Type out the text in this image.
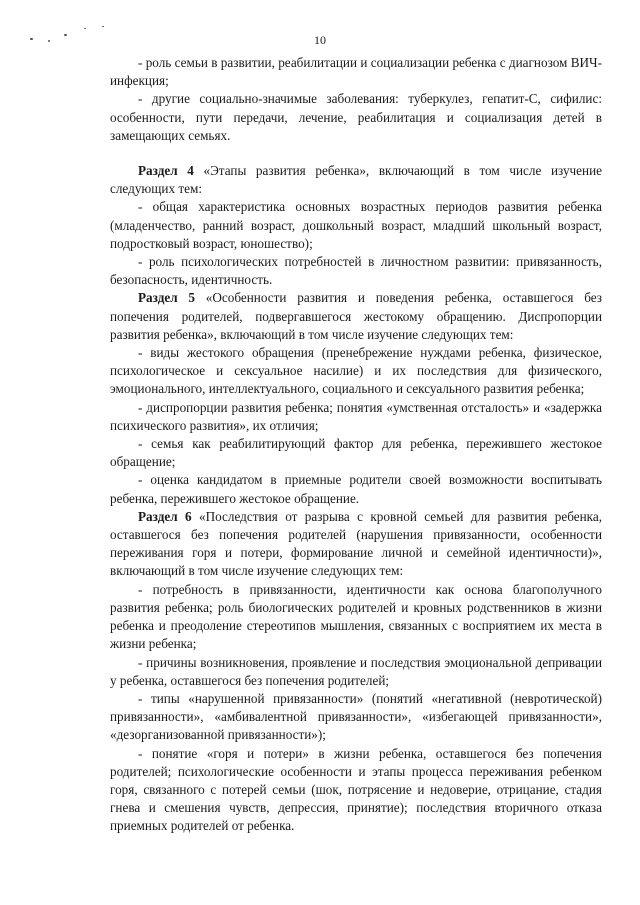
10

- роль семьи в развитии, реабилитации и социализации ребенка с диагнозом ВИЧ-инфекция;

- другие социально-значимые заболевания: туберкулез, гепатит-С, сифилис: особенности, пути передачи, лечение, реабилитация и социализация детей в замещающих семьях.

Раздел 4 «Этапы развития ребенка», включающий в том числе изучение следующих тем:

- общая характеристика основных возрастных периодов развития ребенка (младенчество, ранний возраст, дошкольный возраст, младший школьный возраст, подростковый возраст, юношество);

- роль психологических потребностей в личностном развитии: привязанность, безопасность, идентичность.

Раздел 5 «Особенности развития и поведения ребенка, оставшегося без попечения родителей, подвергавшегося жестокому обращению. Диспропорции развития ребенка», включающий в том числе изучение следующих тем:

- виды жестокого обращения (пренебрежение нуждами ребенка, физическое, психологическое и сексуальное насилие) и их последствия для физического, эмоционального, интеллектуального, социального и сексуального развития ребенка;

- диспропорции развития ребенка; понятия «умственная отсталость» и «задержка психического развития», их отличия;

- семья как реабилитирующий фактор для ребенка, пережившего жестокое обращение;

- оценка кандидатом в приемные родители своей возможности воспитывать ребенка, пережившего жестокое обращение.

Раздел 6 «Последствия от разрыва с кровной семьей для развития ребенка, оставшегося без попечения родителей (нарушения привязанности, особенности переживания горя и потери, формирование личной и семейной идентичности)», включающий в том числе изучение следующих тем:

- потребность в привязанности, идентичности как основа благополучного развития ребенка; роль биологических родителей и кровных родственников в жизни ребенка и преодоление стереотипов мышления, связанных с восприятием их места в жизни ребенка;

- причины возникновения, проявление и последствия эмоциональной депривации у ребенка, оставшегося без попечения родителей;

- типы «нарушенной привязанности» (понятий «негативной (невротической) привязанности», «амбивалентной привязанности», «избегающей привязанности», «дезорганизованной привязанности»);

- понятие «горя и потери» в жизни ребенка, оставшегося без попечения родителей; психологические особенности и этапы процесса переживания ребенком горя, связанного с потерей семьи (шок, потрясение и недоверие, отрицание, стадия гнева и смешения чувств, депрессия, принятие); последствия вторичного отказа приемных родителей от ребенка.
